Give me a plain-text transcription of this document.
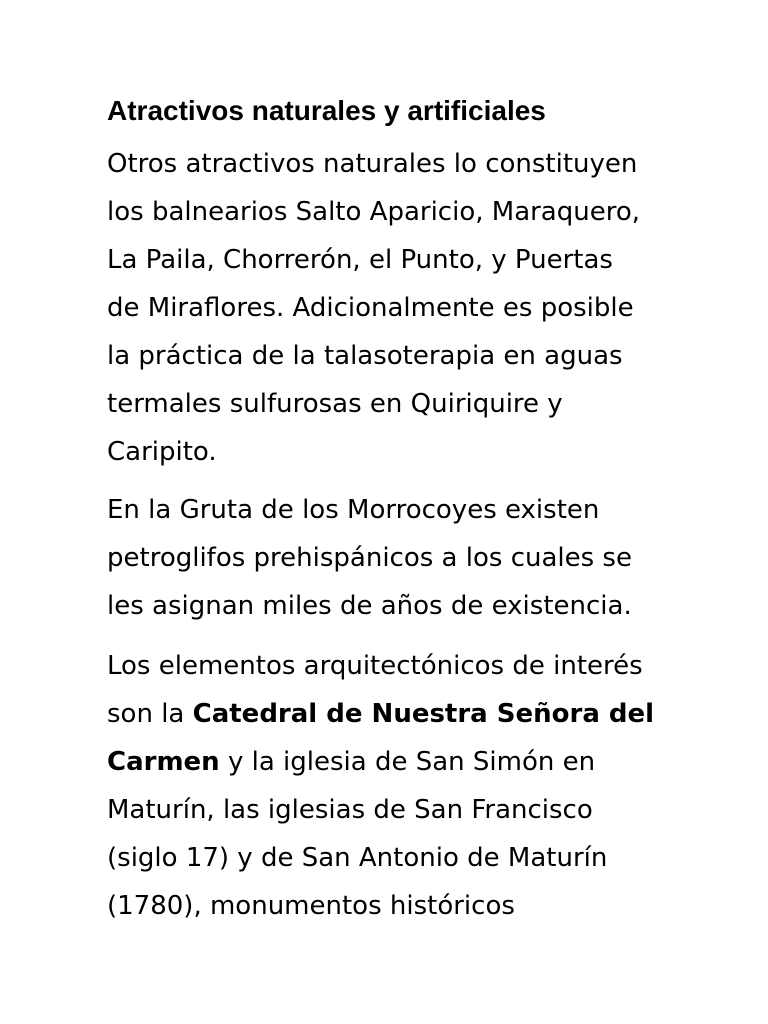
Atractivos naturales y artificiales

Otros atractivos naturales lo constituyen
los balnearios Salto Aparicio, Maraquero,
La Paila, Chorrerón, el Punto, y Puertas
de Miraflores. Adicionalmente es posible
la práctica de la talasoterapia en aguas
termales sulfurosas en Quiriquire y
Caripito.

En la Gruta de los Morrocoyes existen
petroglifos prehispánicos a los cuales se
les asignan miles de años de existencia.

Los elementos arquitectónicos de interés
son la Catedral de Nuestra Señora del
Carmen y la iglesia de San Simón en
Maturín, las iglesias de San Francisco
(siglo 17) y de San Antonio de Maturín
(1780), monumentos históricos
